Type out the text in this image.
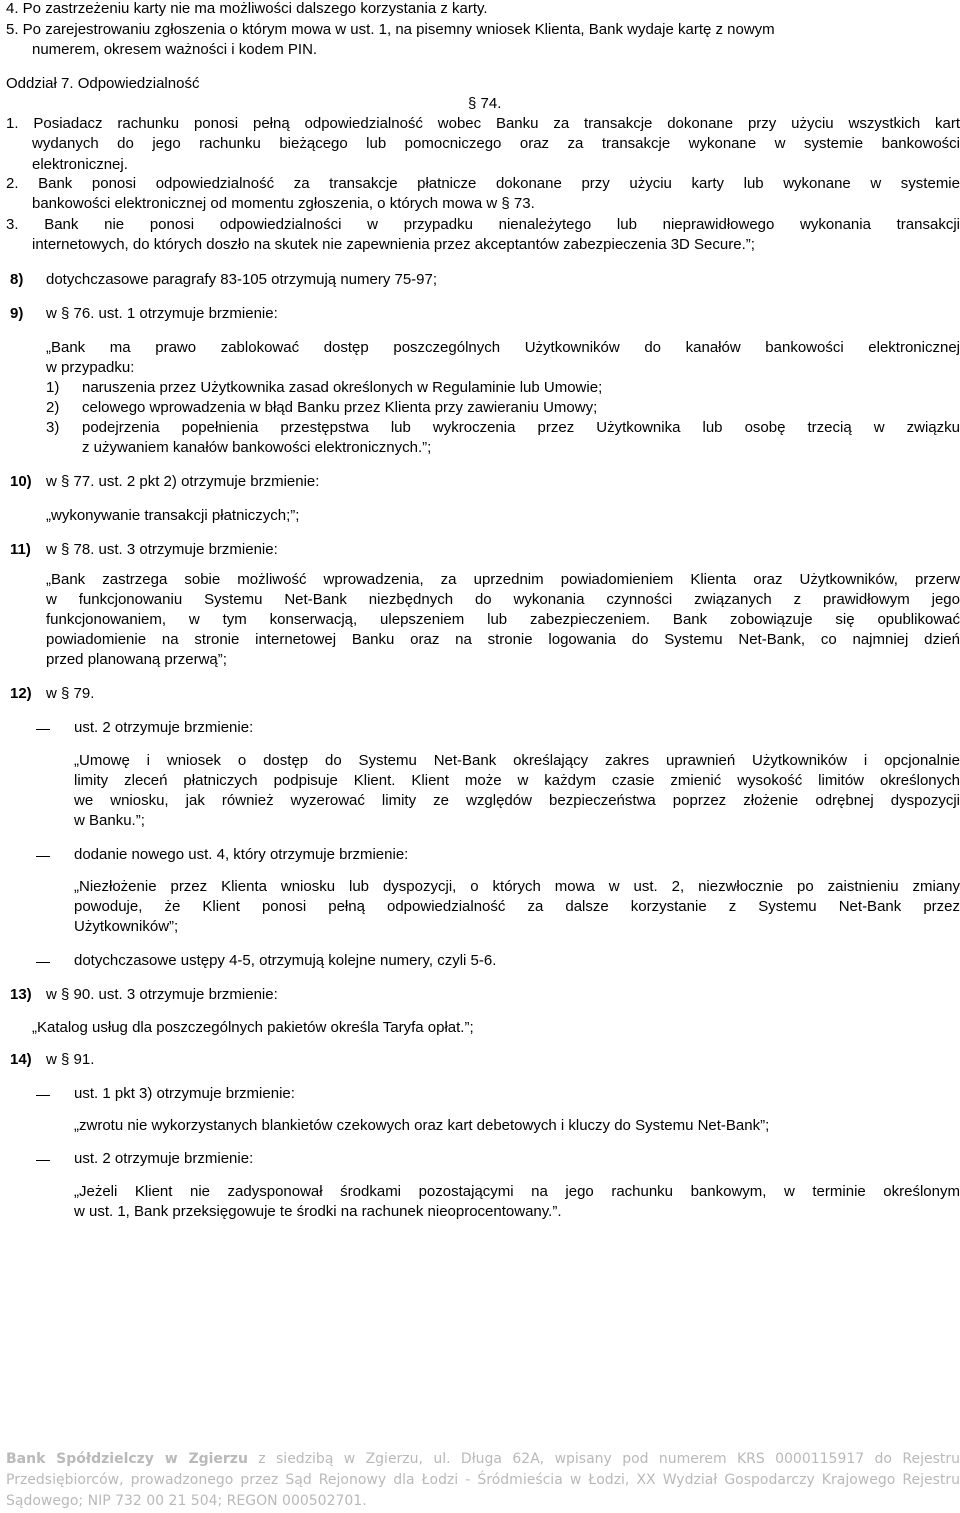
4. Po zastrzeżeniu karty nie ma możliwości dalszego korzystania z karty.
5. Po zarejestrowaniu zgłoszenia o którym mowa w ust. 1, na pisemny wniosek Klienta, Bank wydaje kartę z nowym
numerem, okresem ważności i kodem PIN.
Oddział 7. Odpowiedzialność
§ 74.
1. Posiadacz rachunku ponosi pełną odpowiedzialność wobec Banku za transakcje dokonane przy użyciu wszystkich kart
wydanych do jego rachunku bieżącego lub pomocniczego oraz za transakcje wykonane w systemie bankowości
elektronicznej.
2. Bank ponosi odpowiedzialność za transakcje płatnicze dokonane przy użyciu karty lub wykonane w systemie
bankowości elektronicznej od momentu zgłoszenia, o których mowa w § 73.
3. Bank nie ponosi odpowiedzialności w przypadku nienależytego lub nieprawidłowego wykonania transakcji
internetowych, do których doszło na skutek nie zapewnienia przez akceptantów zabezpieczenia 3D Secure.”;
8) dotychczasowe paragrafy 83-105 otrzymują numery 75-97;
9) w § 76. ust. 1 otrzymuje brzmienie:
„Bank ma prawo zablokować dostęp poszczególnych Użytkowników do kanałów bankowości elektronicznej
w przypadku:
1) naruszenia przez Użytkownika zasad określonych w Regulaminie lub Umowie;
2) celowego wprowadzenia w błąd Banku przez Klienta przy zawieraniu Umowy;
3) podejrzenia popełnienia przestępstwa lub wykroczenia przez Użytkownika lub osobę trzecią w związku
z używaniem kanałów bankowości elektronicznych.”;
10) w § 77. ust. 2 pkt 2) otrzymuje brzmienie:
„wykonywanie transakcji płatniczych;”;
11) w § 78. ust. 3 otrzymuje brzmienie:
„Bank zastrzega sobie możliwość wprowadzenia, za uprzednim powiadomieniem Klienta oraz Użytkowników, przerw
w funkcjonowaniu Systemu Net-Bank niezbędnych do wykonania czynności związanych z prawidłowym jego
funkcjonowaniem, w tym konserwacją, ulepszeniem lub zabezpieczeniem. Bank zobowiązuje się opublikować
powiadomienie na stronie internetowej Banku oraz na stronie logowania do Systemu Net-Bank, co najmniej dzień
przed planowaną przerwą”;
12) w § 79.
ust. 2 otrzymuje brzmienie:
„Umowę i wniosek o dostęp do Systemu Net-Bank określający zakres uprawnień Użytkowników i opcjonalnie
limity zleceń płatniczych podpisuje Klient. Klient może w każdym czasie zmienić wysokość limitów określonych
we wniosku, jak również wyzerować limity ze względów bezpieczeństwa poprzez złożenie odrębnej dyspozycji
w Banku.”;
dodanie nowego ust. 4, który otrzymuje brzmienie:
„Niezłożenie przez Klienta wniosku lub dyspozycji, o których mowa w ust. 2, niezwłocznie po zaistnieniu zmiany
powoduje, że Klient ponosi pełną odpowiedzialność za dalsze korzystanie z Systemu Net-Bank przez
Użytkowników”;
dotychczasowe ustępy 4-5, otrzymują kolejne numery, czyli 5-6.
13) w § 90. ust. 3 otrzymuje brzmienie:
„Katalog usług dla poszczególnych pakietów określa Taryfa opłat.”;
14) w § 91.
ust. 1 pkt 3) otrzymuje brzmienie:
„zwrotu nie wykorzystanych blankietów czekowych oraz kart debetowych i kluczy do Systemu Net-Bank”;
ust. 2 otrzymuje brzmienie:
„Jeżeli Klient nie zadysponował środkami pozostającymi na jego rachunku bankowym, w terminie określonym
w ust. 1, Bank przeksięgowuje te środki na rachunek nieoprocentowany.”.
Bank Spółdzielczy w Zgierzu z siedzibą w Zgierzu, ul. Długa 62A, wpisany pod numerem KRS 0000115917 do Rejestru
Przedsiębiorców, prowadzonego przez Sąd Rejonowy dla Łodzi - Śródmieścia w Łodzi, XX Wydział Gospodarczy Krajowego Rejestru
Sądowego; NIP 732 00 21 504; REGON 000502701.
